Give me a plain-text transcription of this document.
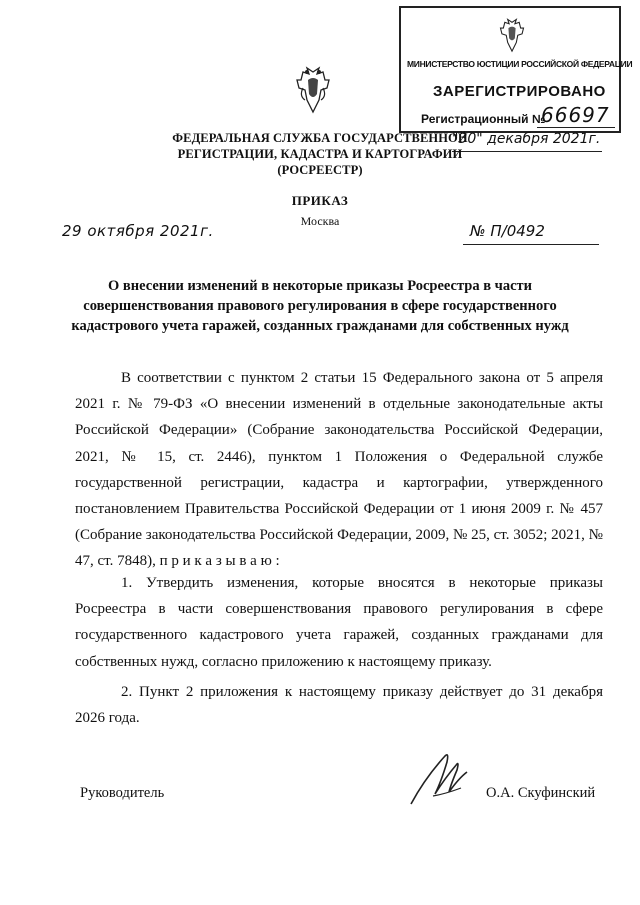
МИНИСТЕРСТВО ЮСТИЦИИ РОССИЙСКОЙ ФЕДЕРАЦИИ
ЗАРЕГИСТРИРОВАНО
Регистрационный №
66697
"30" декабря 2021г.
ФЕДЕРАЛЬНАЯ СЛУЖБА ГОСУДАРСТВЕННОЙ
РЕГИСТРАЦИИ, КАДАСТРА И КАРТОГРАФИИ
(РОСРЕЕСТР)
ПРИКАЗ
Москва
29 октября 2021г.	№ П/0492
О внесении изменений в некоторые приказы Росреестра в части совершенствования правового регулирования в сфере государственного кадастрового учета гаражей, созданных гражданами для собственных нужд
В соответствии с пунктом 2 статьи 15 Федерального закона от 5 апреля 2021 г. № 79-ФЗ «О внесении изменений в отдельные законодательные акты Российской Федерации» (Собрание законодательства Российской Федерации, 2021, № 15, ст. 2446), пунктом 1 Положения о Федеральной службе государственной регистрации, кадастра и картографии, утвержденного постановлением Правительства Российской Федерации от 1 июня 2009 г. № 457 (Собрание законодательства Российской Федерации, 2009, № 25, ст. 3052; 2021, № 47, ст. 7848), п р и к а з ы в а ю :
1. Утвердить изменения, которые вносятся в некоторые приказы Росреестра в части совершенствования правового регулирования в сфере государственного кадастрового учета гаражей, созданных гражданами для собственных нужд, согласно приложению к настоящему приказу.
2. Пункт 2 приложения к настоящему приказу действует до 31 декабря 2026 года.
Руководитель	О.А. Скуфинский
